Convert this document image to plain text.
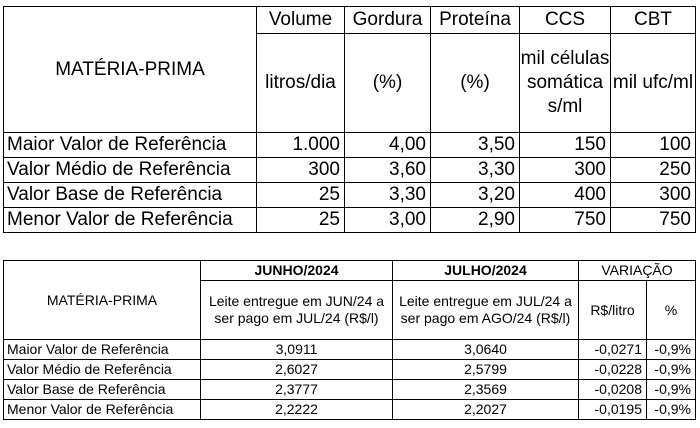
MATÉRIA-PRIMA	Volume	Gordura	Proteína	CCS	CBT
	litros/dia	(%)	(%)	mil células somática s/ml	mil ufc/ml
Maior Valor de Referência	1.000	4,00	3,50	150	100
Valor Médio de Referência	300	3,60	3,30	300	250
Valor Base de Referência	25	3,30	3,20	400	300
Menor Valor de Referência	25	3,00	2,90	750	750
MATÉRIA-PRIMA	JUNHO/2024	JULHO/2024	VARIAÇÃO	
	Leite entregue em JUN/24 a ser pago em JUL/24 (R$/l)	Leite entregue em JUL/24 a ser pago em AGO/24 (R$/l)	R$/litro	%

Maior Valor de Referência	3,0911	3,0640	-0,0271	-0,9%
Valor Médio de Referência	2,6027	2,5799	-0,0228	-0,9%
Valor Base de Referência	2,3777	2,3569	-0,0208	-0,9%
Menor Valor de Referência	2,2222	2,2027	-0,0195	-0,9%
